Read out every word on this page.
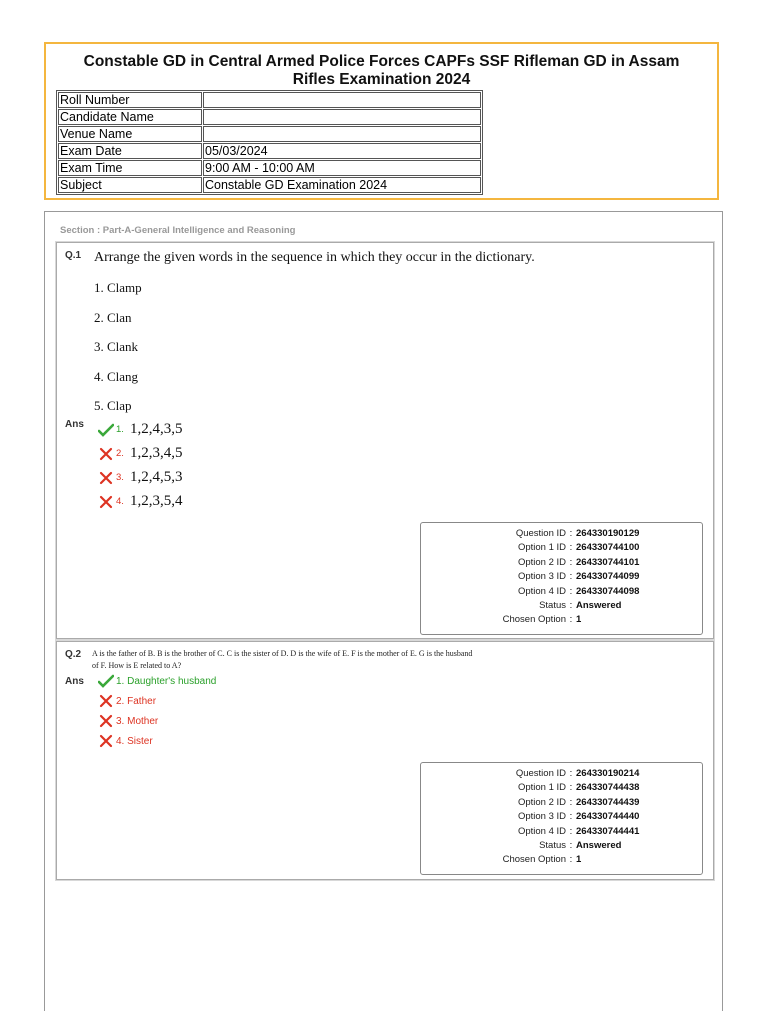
Constable GD in Central Armed Police Forces CAPFs SSF Rifleman GD in Assam
Rifles Examination 2024
Roll Number	
Candidate Name	
Venue Name	
Exam Date	05/03/2024
Exam Time	9:00 AM - 10:00 AM
Subject	Constable GD Examination 2024
Section : Part-A-General Intelligence and Reasoning
Q.1 Arrange the given words in the sequence in which they occur in the dictionary.
1. Clamp
2. Clan
3. Clank
4. Clang
5. Clap
Ans	1. 1,2,4,3,5
2. 1,2,3,4,5
3. 1,2,4,5,3
4. 1,2,3,5,4
Question ID : 264330190129
Option 1 ID : 264330744100
Option 2 ID : 264330744101
Option 3 ID : 264330744099
Option 4 ID : 264330744098
Status : Answered
Chosen Option : 1
Q.2 A is the father of B. B is the brother of C. C is the sister of D. D is the wife of E. F is the mother of E. G is the husband
of F. How is E related to A?
Ans	1. Daughter's husband
2. Father
3. Mother
4. Sister
Question ID : 264330190214
Option 1 ID : 264330744438
Option 2 ID : 264330744439
Option 3 ID : 264330744440
Option 4 ID : 264330744441
Status : Answered
Chosen Option : 1
